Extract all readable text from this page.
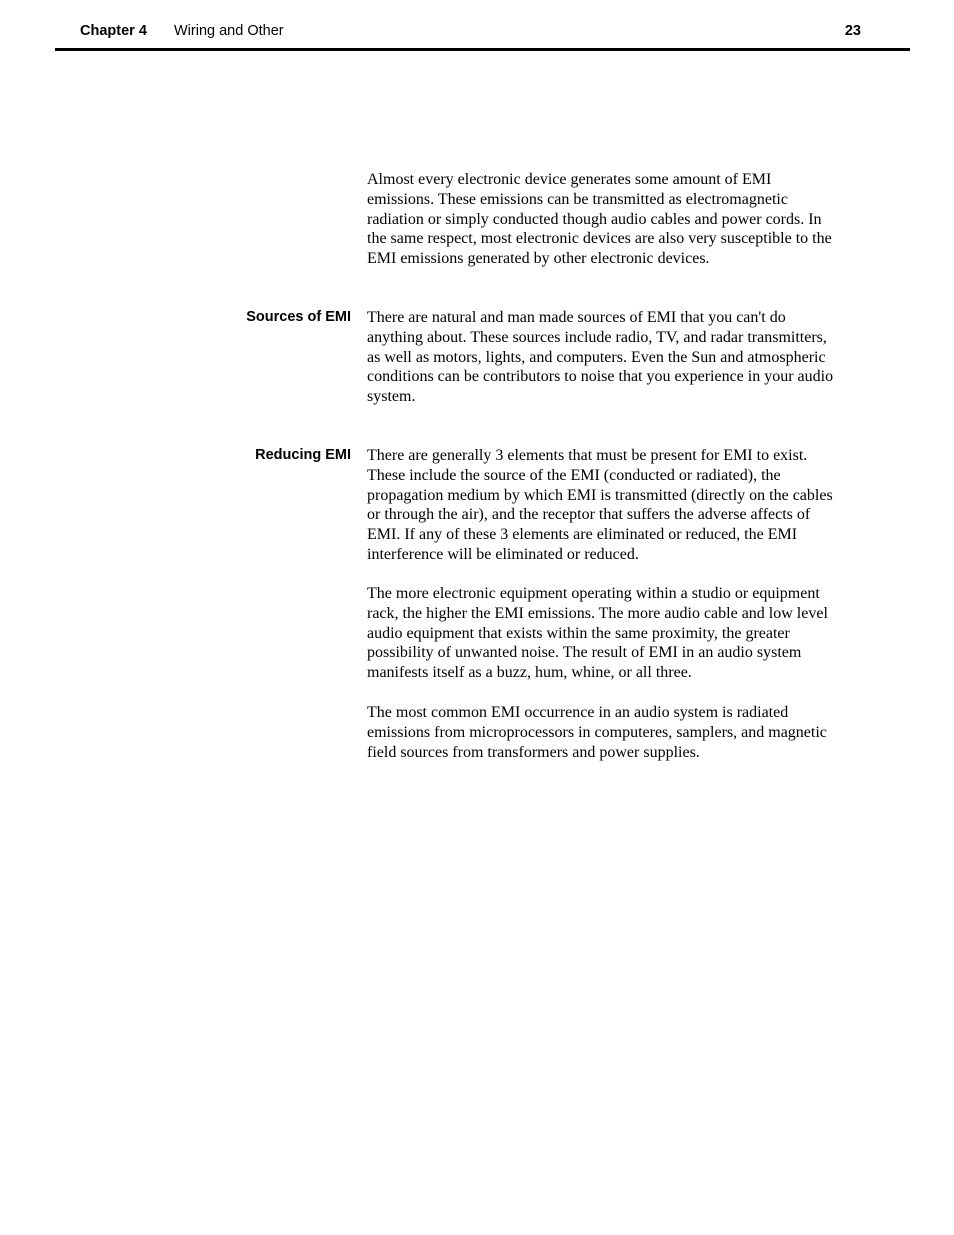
Chapter 4 Wiring and Other	23

Almost every electronic device generates some amount of EMI
emissions. These emissions can be transmitted as electromagnetic
radiation or simply conducted though audio cables and power cords. In
the same respect, most electronic devices are also very susceptible to the
EMI emissions generated by other electronic devices.

Sources of EMI There are natural and man made sources of EMI that you can't do
anything about. These sources include radio, TV, and radar transmitters,
as well as motors, lights, and computers. Even the Sun and atmospheric
conditions can be contributors to noise that you experience in your audio
system.

Reducing EMI There are generally 3 elements that must be present for EMI to exist.
These include the source of the EMI (conducted or radiated), the
propagation medium by which EMI is transmitted (directly on the cables
or through the air), and the receptor that suffers the adverse affects of
EMI. If any of these 3 elements are eliminated or reduced, the EMI
interference will be eliminated or reduced.

The more electronic equipment operating within a studio or equipment
rack, the higher the EMI emissions. The more audio cable and low level
audio equipment that exists within the same proximity, the greater
possibility of unwanted noise. The result of EMI in an audio system
manifests itself as a buzz, hum, whine, or all three.

The most common EMI occurrence in an audio system is radiated
emissions from microprocessors in computeres, samplers, and magnetic
field sources from transformers and power supplies.
